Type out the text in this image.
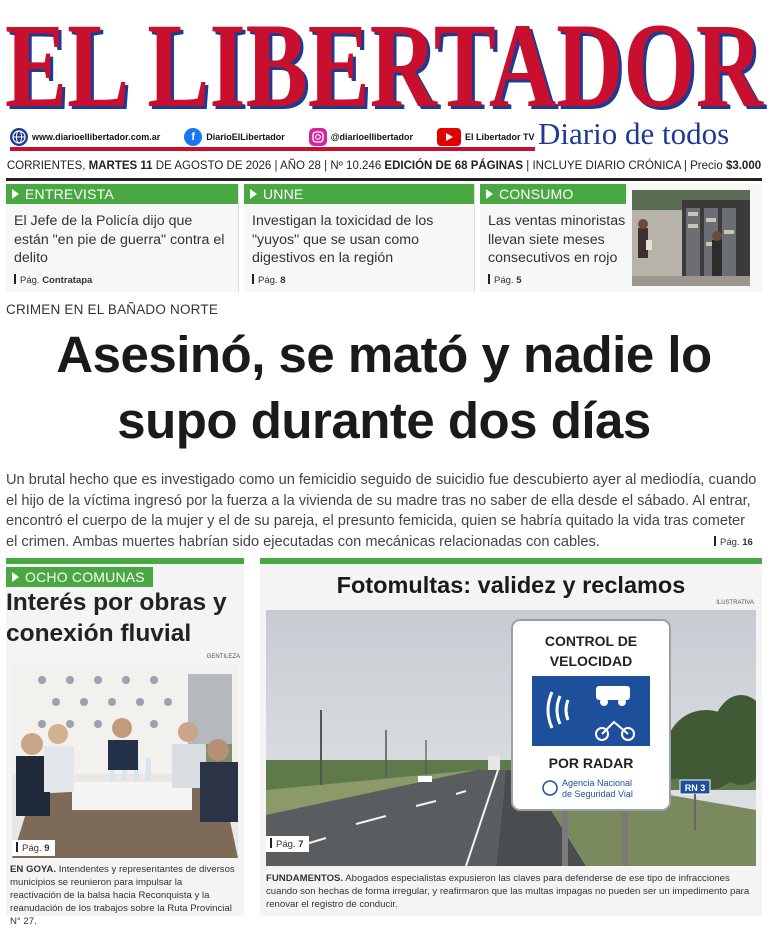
EL LIBERTADOR
EL LIBERTADOR
www.diarioellibertador.com.ar	f	DiarioElLibertador	@diarioellibertador	El Libertador TV Diario de todos
CORRIENTES, MARTES 11 DE AGOSTO DE 2026 | AÑO 28 | Nº 10.246 EDICIÓN DE 68 PÁGINAS | INCLUYE DIARIO CRÓNICA | Precio $3.000
ENTREVISTA
El Jefe de la Policía dijo que están "en pie de guerra" contra el delito
Pág. Contratapa
UNNE
Investigan la toxicidad de los "yuyos" que se usan como digestivos en la región
Pág. 8
CONSUMO
Las ventas minoristas llevan siete meses consecutivos en rojo
Pág. 5
CRIMEN EN EL BAÑADO NORTE
Asesinó, se mató y nadie lo
supo durante dos días
Un brutal hecho que es investigado como un femicidio seguido de suicidio fue descubierto ayer al mediodía, cuando el hijo de la víctima ingresó por la fuerza a la vivienda de su madre tras no saber de ella desde el sábado. Al entrar, encontró el cuerpo de la mujer y el de su pareja, el presunto femicida, quien se habría quitado la vida tras cometer el crimen. Ambas muertes habrían sido ejecutadas con mecánicas relacionadas con cables.	Pág. 16
OCHO COMUNAS
Interés por obras y
conexión fluvial
GENTILEZA
Pág. 9
EN GOYA. Intendentes y representantes de diversos municipios se reunieron para impulsar la reactivación de la balsa hacia Reconquista y la reanudación de los trabajos sobre la Ruta Provincial N° 27.
Fotomultas: validez y reclamos
ILUSTRATIVA
CONTROL DE
VELOCIDAD
POR RADAR
Agencia Nacional
de Seguridad Vial
RN 3
Pág. 7
FUNDAMENTOS. Abogados especialistas expusieron las claves para defenderse de ese tipo de infracciones cuando son hechas de forma irregular, y reafirmaron que las multas impagas no pueden ser un impedimento para renovar el registro de conducir.
